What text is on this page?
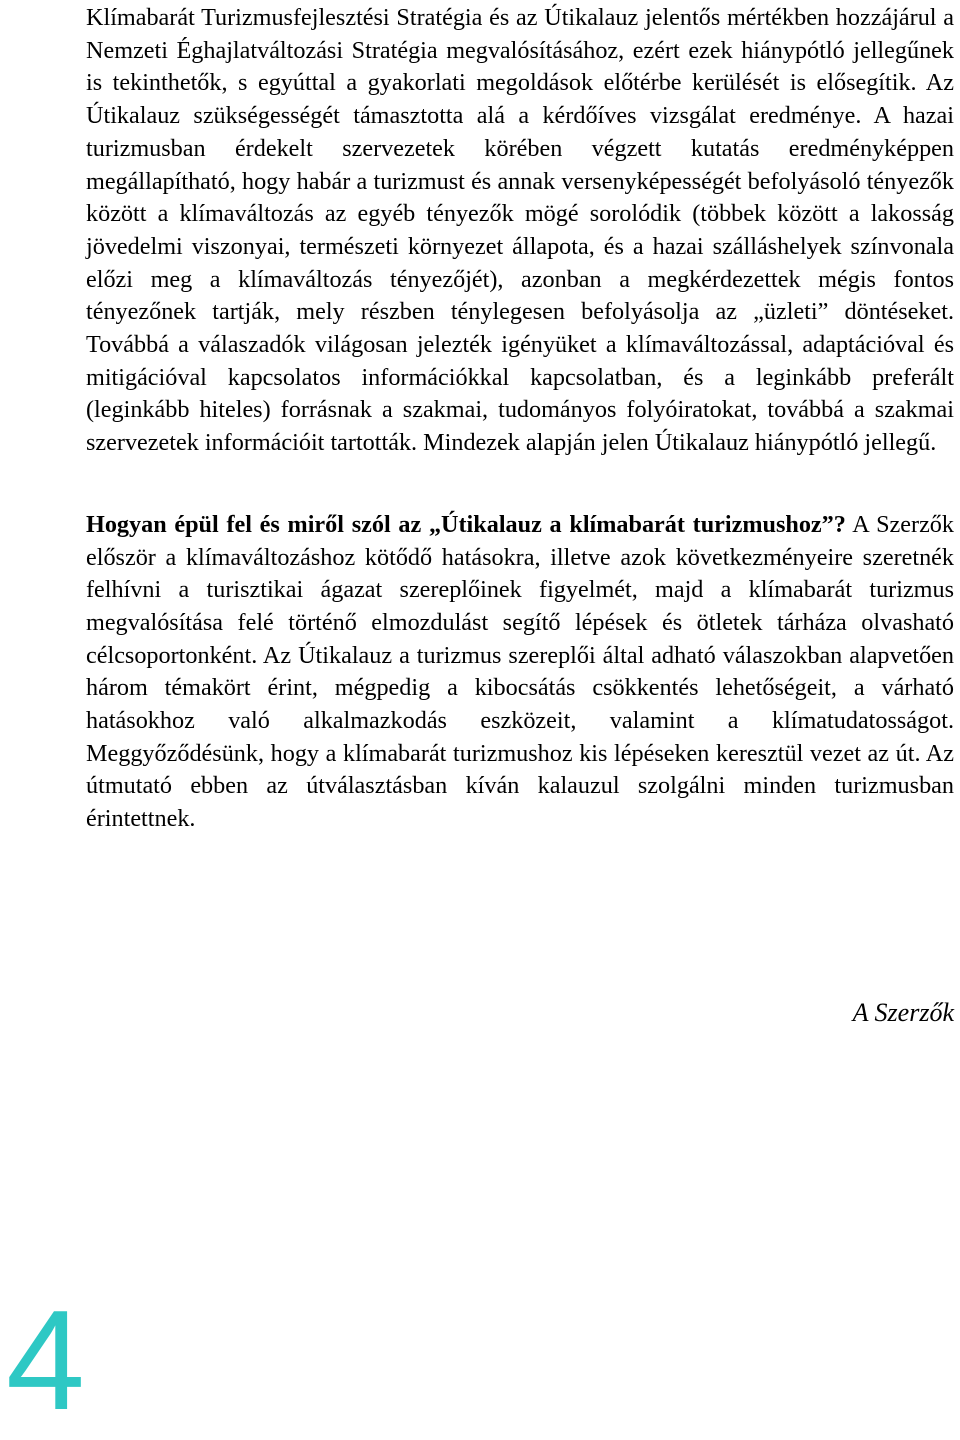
Klímabarát Turizmusfejlesztési Stratégia és az Útikalauz jelentős mértékben hozzájárul a Nemzeti Éghajlatváltozási Stratégia megvalósításához, ezért ezek hiánypótló jellegűnek is tekinthetők, s egyúttal a gyakorlati megoldások előtérbe kerülését is elősegítik. Az Útikalauz szükségességét támasztotta alá a kérdőíves vizsgálat eredménye. A hazai turizmusban érdekelt szervezetek körében végzett kutatás eredményképpen megállapítható, hogy habár a turizmust és annak versenyképességét befolyásoló tényezők között a klímaváltozás az egyéb tényezők mögé sorolódik (többek között a lakosság jövedelmi viszonyai, természeti környezet állapota, és a hazai szálláshelyek színvonala előzi meg a klímaváltozás tényezőjét), azonban a megkérdezettek mégis fontos tényezőnek tartják, mely részben ténylegesen befolyásolja az „üzleti” döntéseket. Továbbá a válaszadók világosan jelezték igényüket a klímaváltozással, adaptációval és mitigációval kapcsolatos információkkal kapcsolatban, és a leginkább preferált (leginkább hiteles) forrásnak a szakmai, tudományos folyóiratokat, továbbá a szakmai szervezetek információit tartották. Mindezek alapján jelen Útikalauz hiánypótló jellegű.

Hogyan épül fel és miről szól az „Útikalauz a klímabarát turizmushoz”? A Szerzők először a klímaváltozáshoz kötődő hatásokra, illetve azok következményeire szeretnék felhívni a turisztikai ágazat szereplőinek figyelmét, majd a klímabarát turizmus megvalósítása felé történő elmozdulást segítő lépések és ötletek tárháza olvasható célcsoportonként. Az Útikalauz a turizmus szereplői által adható válaszokban alapvetően három témakört érint, mégpedig a kibocsátás csökkentés lehetőségeit, a várható hatásokhoz való alkalmazkodás eszközeit, valamint a klímatudatosságot. Meggyőződésünk, hogy a klímabarát turizmushoz kis lépéseken keresztül vezet az út. Az útmutató ebben az útválasztásban kíván kalauzul szolgálni minden turizmusban érintettnek.

A Szerzők
4
